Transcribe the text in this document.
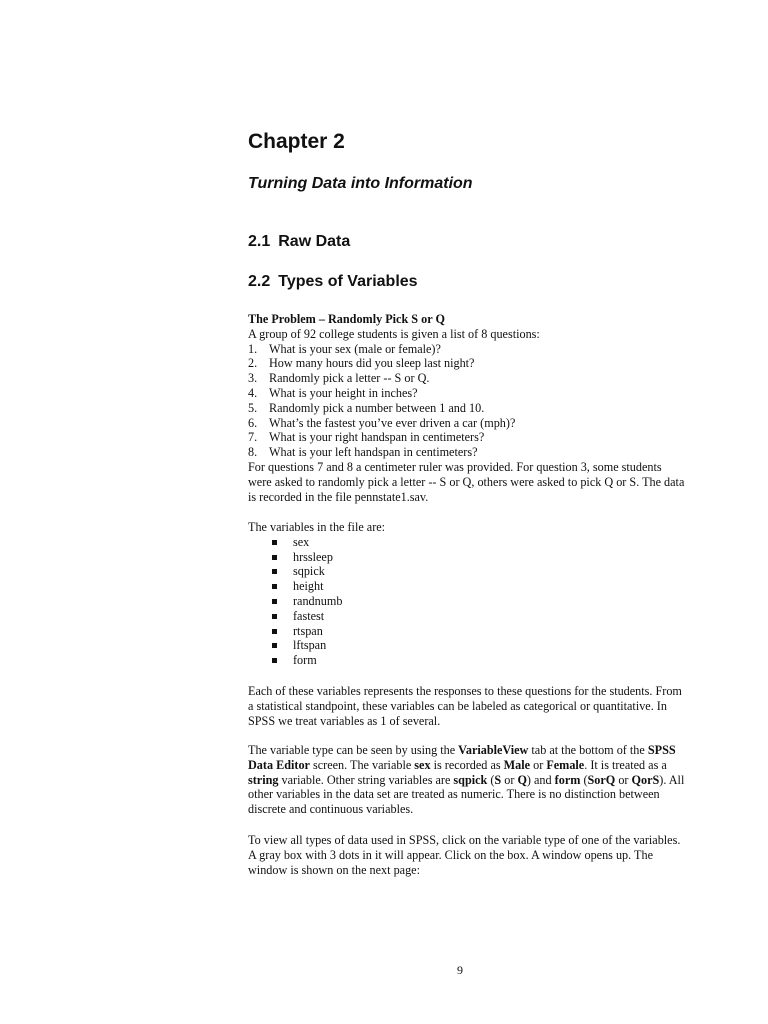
Chapter 2
Turning Data into Information
2.1 Raw Data
2.2 Types of Variables

The Problem – Randomly Pick S or Q

A group of 92 college students is given a list of 8 questions:

1. What is your sex (male or female)?
2. How many hours did you sleep last night?
3. Randomly pick a letter -- S or Q.
4. What is your height in inches?
5. Randomly pick a number between 1 and 10.
6. What’s the fastest you’ve ever driven a car (mph)?
7. What is your right handspan in centimeters?
8. What is your left handspan in centimeters?

For questions 7 and 8 a centimeter ruler was provided. For question 3, some students were asked to randomly pick a letter -- S or Q, others were asked to pick Q or S. The data is recorded in the file pennstate1.sav.

The variables in the file are:

sex
hrssleep
sqpick
height
randnumb
fastest
rtspan
lftspan
form

Each of these variables represents the responses to these questions for the students. From a statistical standpoint, these variables can be labeled as categorical or quantitative. In SPSS we treat variables as 1 of several.

The variable type can be seen by using the VariableView tab at the bottom of the SPSS Data Editor screen. The variable sex is recorded as Male or Female. It is treated as a string variable. Other string variables are sqpick (S or Q) and form (SorQ or QorS). All other variables in the data set are treated as numeric. There is no distinction between discrete and continuous variables.

To view all types of data used in SPSS, click on the variable type of one of the variables. A gray box with 3 dots in it will appear. Click on the box. A window opens up. The window is shown on the next page:

9
